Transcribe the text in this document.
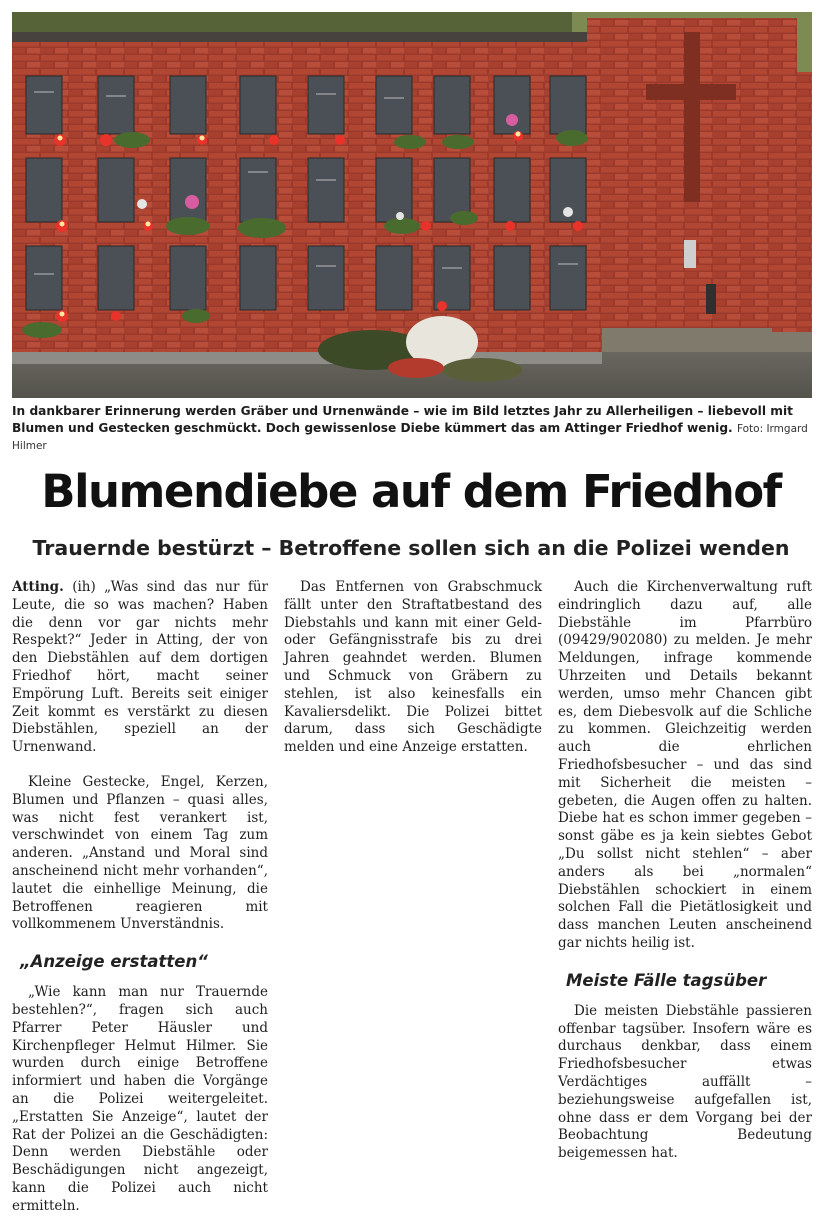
In dankbarer Erinnerung werden Gräber und Urnenwände – wie im Bild letztes Jahr zu Allerheiligen – liebevoll mit Blumen und Gestecken geschmückt. Doch gewissenlose Diebe kümmert das am Attinger Friedhof wenig. Foto: Irmgard Hilmer

Blumendiebe auf dem Friedhof
Trauernde bestürzt – Betroffene sollen sich an die Polizei wenden

Atting. (ih) „Was sind das nur für Leute, die so was machen? Haben die denn vor gar nichts mehr Respekt?“ Jeder in Atting, der von den Diebstählen auf dem dortigen Friedhof hört, macht seiner Empörung Luft. Bereits seit einiger Zeit kommt es verstärkt zu diesen Diebstählen, speziell an der Urnenwand.

Kleine Gestecke, Engel, Kerzen, Blumen und Pflanzen – quasi alles, was nicht fest verankert ist, verschwindet von einem Tag zum anderen. „Anstand und Moral sind anscheinend nicht mehr vorhanden“, lautet die einhellige Meinung, die Betroffenen reagieren mit vollkommenem Unverständnis.

„Anzeige erstatten“

„Wie kann man nur Trauernde bestehlen?“, fragen sich auch Pfarrer Peter Häusler und Kirchenpfleger Helmut Hilmer. Sie wurden durch einige Betroffene informiert und haben die Vorgänge an die Polizei weitergeleitet. „Erstatten Sie Anzeige“, lautet der Rat der Polizei an die Geschädigten: Denn werden Diebstähle oder Beschädigungen nicht angezeigt, kann die Polizei auch nicht ermitteln.

Das Entfernen von Grabschmuck fällt unter den Straftatbestand des Diebstahls und kann mit einer Geld- oder Gefängnisstrafe bis zu drei Jahren geahndet werden. Blumen und Schmuck von Gräbern zu stehlen, ist also keinesfalls ein Kavaliersdelikt. Die Polizei bittet darum, dass sich Geschädigte melden und eine Anzeige erstatten.

Auch die Kirchenverwaltung ruft eindringlich dazu auf, alle Diebstähle im Pfarrbüro (09429/902080) zu melden. Je mehr Meldungen, infrage kommende Uhrzeiten und Details bekannt werden, umso mehr Chancen gibt es, dem Diebesvolk auf die Schliche zu kommen. Gleichzeitig werden auch die ehrlichen Friedhofsbesucher – und das sind mit Sicherheit die meisten – gebeten, die Augen offen zu halten. Diebe hat es schon immer gegeben – sonst gäbe es ja kein siebtes Gebot „Du sollst nicht stehlen“ – aber anders als bei „normalen“ Diebstählen schockiert in einem solchen Fall die Pietätlosigkeit und dass manchen Leuten anscheinend gar nichts heilig ist.

Meiste Fälle tagsüber

Die meisten Diebstähle passieren offenbar tagsüber. Insofern wäre es durchaus denkbar, dass einem Friedhofsbesucher etwas Verdächtiges auffällt – beziehungsweise aufgefallen ist, ohne dass er dem Vorgang bei der Beobachtung Bedeutung beigemessen hat.
